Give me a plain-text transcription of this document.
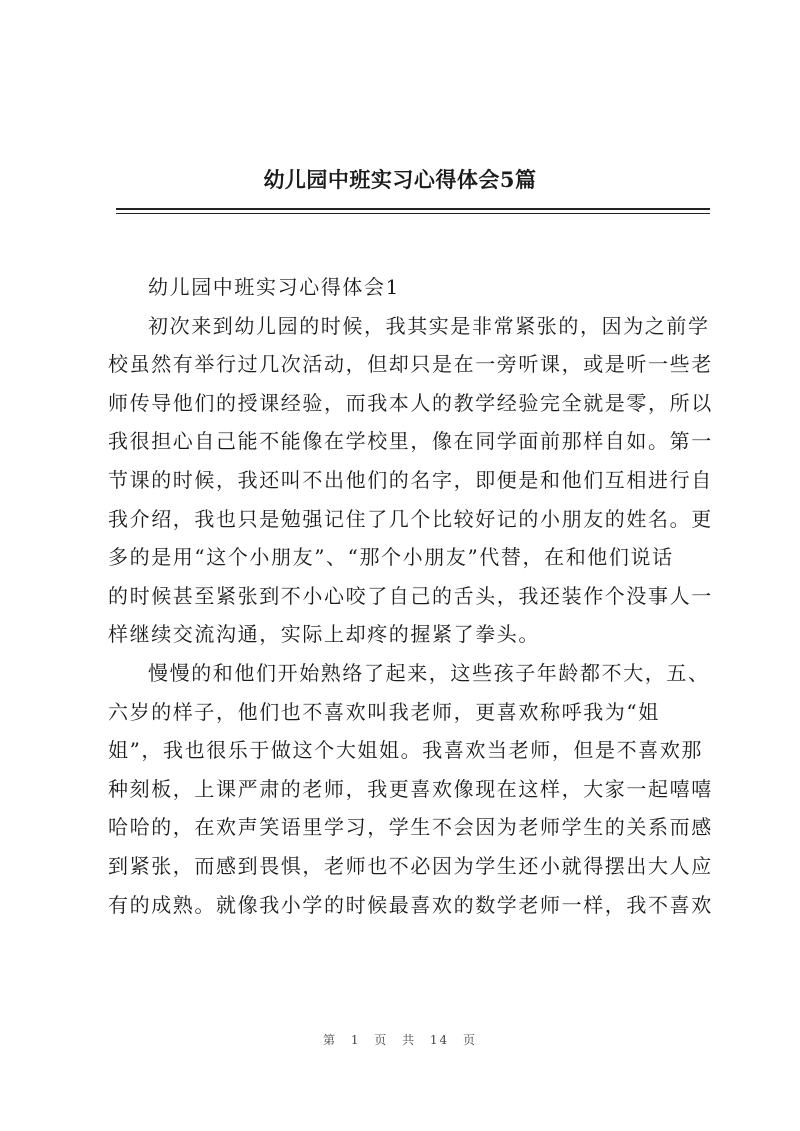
幼儿园中班实习心得体会5篇
幼儿园中班实习心得体会1
初次来到幼儿园的时候，我其实是非常紧张的，因为之前学
校虽然有举行过几次活动，但却只是在一旁听课，或是听一些老
师传导他们的授课经验，而我本人的教学经验完全就是零，所以
我很担心自己能不能像在学校里，像在同学面前那样自如。第一
节课的时候，我还叫不出他们的名字，即便是和他们互相进行自
我介绍，我也只是勉强记住了几个比较好记的小朋友的姓名。更
多的是用“这个小朋友”、“那个小朋友”代替，在和他们说话
的时候甚至紧张到不小心咬了自己的舌头，我还装作个没事人一
样继续交流沟通，实际上却疼的握紧了拳头。
慢慢的和他们开始熟络了起来，这些孩子年龄都不大，五、
六岁的样子，他们也不喜欢叫我老师，更喜欢称呼我为“姐
姐”，我也很乐于做这个大姐姐。我喜欢当老师，但是不喜欢那
种刻板，上课严肃的老师，我更喜欢像现在这样，大家一起嘻嘻
哈哈的，在欢声笑语里学习，学生不会因为老师学生的关系而感
到紧张，而感到畏惧，老师也不必因为学生还小就得摆出大人应
有的成熟。就像我小学的时候最喜欢的数学老师一样，我不喜欢
第 1 页 共 14 页
